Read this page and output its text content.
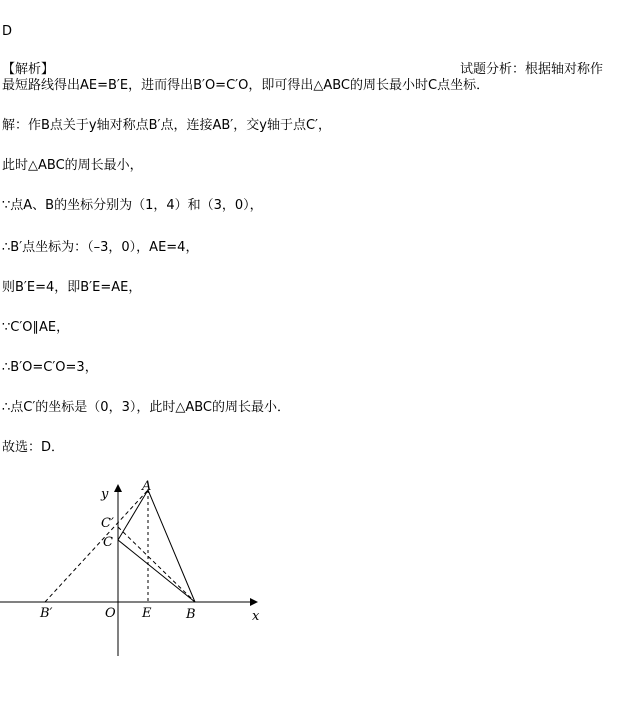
D
【解析】	试题分析：根据轴对称作
最短路线得出AE=B′E，进而得出B′O=C′O，即可得出△ABC的周长最小时C点坐标．
解：作B点关于y轴对称点B′点，连接AB′，交y轴于点C′，
此时△ABC的周长最小，
∵点A、B的坐标分别为（1，4）和（3，0），
∴B′点坐标为：（–3，0），AE=4，
则B′E=4，即B′E=AE，
∵C′O∥AE，
∴B′O=C′O=3，
∴点C′的坐标是（0，3），此时△ABC的周长最小．
故选：D．
y
A
C′
C
B′	O E	B	x
